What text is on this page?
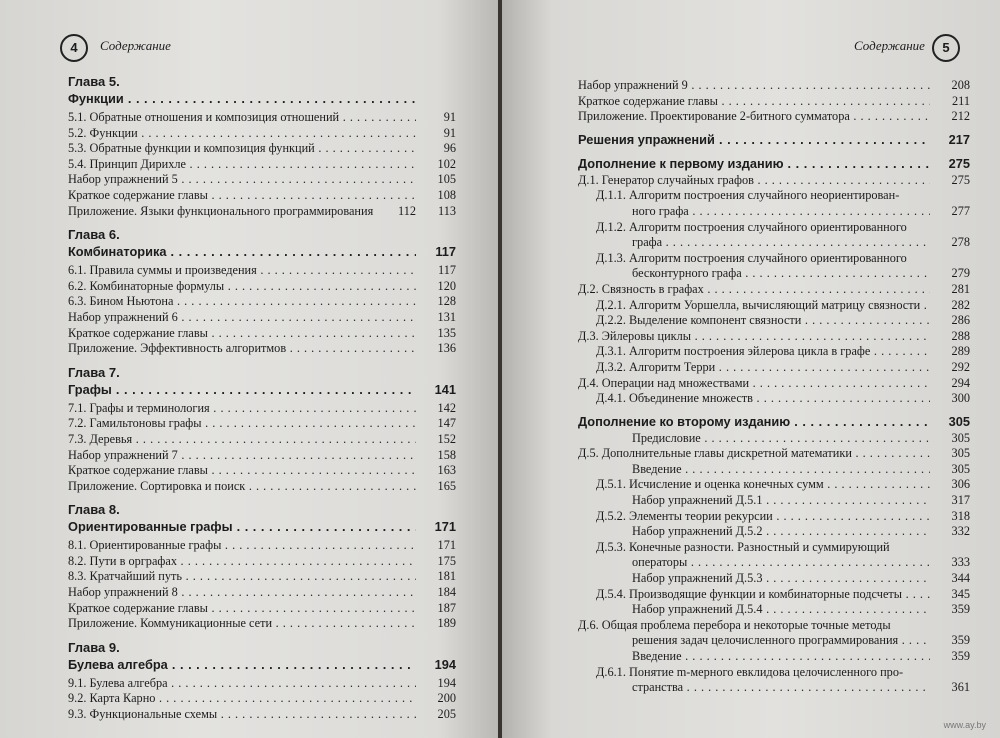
4	Содержание
Глава 5.
Функции . . .
5.1. Обратные отношения и композиция отношений . . .	91
5.2. Функции . . .	91
5.3. Обратные функции и композиция функций . . .	96
5.4. Принцип Дирихле . . .	102
Набор упражнений 5 . . .	105
Краткое содержание главы . . .	108
Приложение. Языки функционального программирования . . .	112	113
Глава 6.
Комбинаторика . . .	117
6.1. Правила суммы и произведения . . .	117
6.2. Комбинаторные формулы . . .	120
6.3. Бином Ньютона . . .	128
Набор упражнений 6 . . .	131
Краткое содержание главы . . .	135
Приложение. Эффективность алгоритмов . . .	136
Глава 7.
Графы . . .	141
7.1. Графы и терминология . . .	142
7.2. Гамильтоновы графы . . .	147
7.3. Деревья . . .	152
Набор упражнений 7 . . .	158
Краткое содержание главы . . .	163
Приложение. Сортировка и поиск . . .	165
Глава 8.
Ориентированные графы . . .	171
8.1. Ориентированные графы . . .	171
8.2. Пути в орграфах . . .	175
8.3. Кратчайший путь . . .	181
Набор упражнений 8 . . .	184
Краткое содержание главы . . .	187
Приложение. Коммуникационные сети . . .	189
Глава 9.
Булева алгебра . . .	194
9.1. Булева алгебра . . .	194
9.2. Карта Карно . . .	200
9.3. Функциональные схемы . . .	205
Содержание	5
Набор упражнений 9 . . .	208
Краткое содержание главы . . .	211
Приложение. Проектирование 2-битного сумматора . . .	212
Решения упражнений . . .	217
Дополнение к первому изданию . . .	275
Д.1. Генератор случайных графов . . .	275
Д.1.1. Алгоритм построения случайного неориентирован-
ного графа . . .	277
Д.1.2. Алгоритм построения случайного ориентированного
графа . . .	278
Д.1.3. Алгоритм построения случайного ориентированного
бесконтурного графа . . .	279
Д.2. Связность в графах . . .	281
Д.2.1. Алгоритм Уоршелла, вычисляющий матрицу связности . . .	282
Д.2.2. Выделение компонент связности . . .	286
Д.3. Эйлеровы циклы . . .	288
Д.3.1. Алгоритм построения эйлерова цикла в графе . . .	289
Д.3.2. Алгоритм Терри . . .	292
Д.4. Операции над множествами . . .	294
Д.4.1. Объединение множеств . . .	300
Дополнение ко второму изданию . . .	305
Предисловие . . .	305
Д.5. Дополнительные главы дискретной математики . . .	305
Введение . . .	305
Д.5.1. Исчисление и оценка конечных сумм . . .	306
Набор упражнений Д.5.1 . . .	317
Д.5.2. Элементы теории рекурсии . . .	318
Набор упражнений Д.5.2 . . .	332
Д.5.3. Конечные разности. Разностный и суммирующий
операторы . . .	333
Набор упражнений Д.5.3 . . .	344
Д.5.4. Производящие функции и комбинаторные подсчеты . . .	345
Набор упражнений Д.5.4 . . .	359
Д.6. Общая проблема перебора и некоторые точные методы
решения задач целочисленного программирования . . .	359
Введение . . .	359
Д.6.1. Понятие m-мерного евклидова целочисленного про-
странства . . .	361
www.ay.by
